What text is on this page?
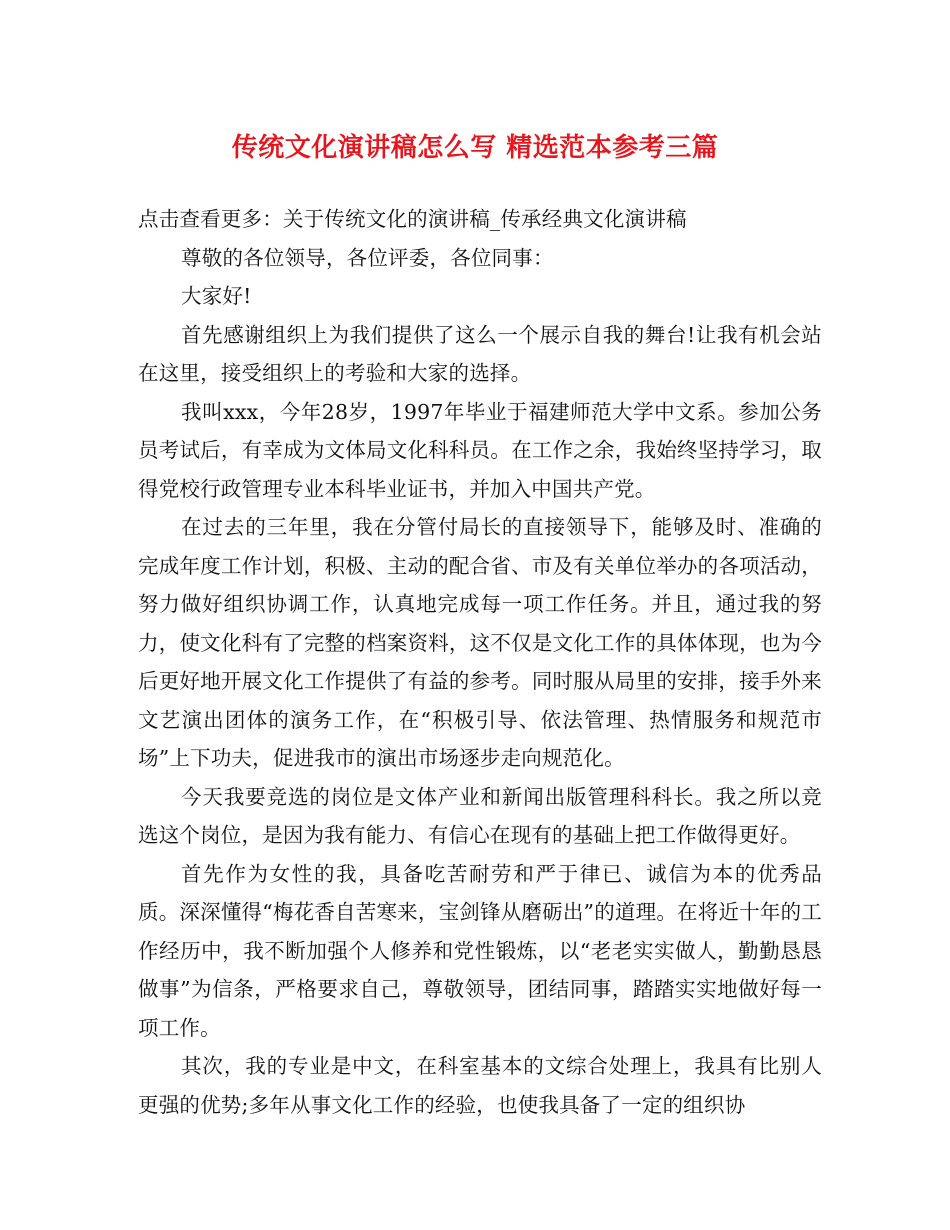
传统文化演讲稿怎么写 精选范本参考三篇

点击查看更多：关于传统文化的演讲稿_传承经典文化演讲稿

尊敬的各位领导，各位评委，各位同事：

大家好!

首先感谢组织上为我们提供了这么一个展示自我的舞台!让我有机会站在这里，接受组织上的考验和大家的选择。

我叫xxx，今年28岁，1997年毕业于福建师范大学中文系。参加公务员考试后，有幸成为文体局文化科科员。在工作之余，我始终坚持学习，取得党校行政管理专业本科毕业证书，并加入中国共产党。

在过去的三年里，我在分管付局长的直接领导下，能够及时、准确的完成年度工作计划，积极、主动的配合省、市及有关单位举办的各项活动，努力做好组织协调工作，认真地完成每一项工作任务。并且，通过我的努力，使文化科有了完整的档案资料，这不仅是文化工作的具体体现，也为今后更好地开展文化工作提供了有益的参考。同时服从局里的安排，接手外来文艺演出团体的演务工作，在“积极引导、依法管理、热情服务和规范市场”上下功夫，促进我市的演出市场逐步走向规范化。

今天我要竞选的岗位是文体产业和新闻出版管理科科长。我之所以竞选这个岗位，是因为我有能力、有信心在现有的基础上把工作做得更好。

首先作为女性的我，具备吃苦耐劳和严于律已、诚信为本的优秀品质。深深懂得“梅花香自苦寒来，宝剑锋从磨砺出”的道理。在将近十年的工作经历中，我不断加强个人修养和党性锻炼，以“老老实实做人，勤勤恳恳做事”为信条，严格要求自己，尊敬领导，团结同事，踏踏实实地做好每一项工作。

其次，我的专业是中文，在科室基本的文综合处理上，我具有比别人更强的优势;多年从事文化工作的经验，也使我具备了一定的组织协
